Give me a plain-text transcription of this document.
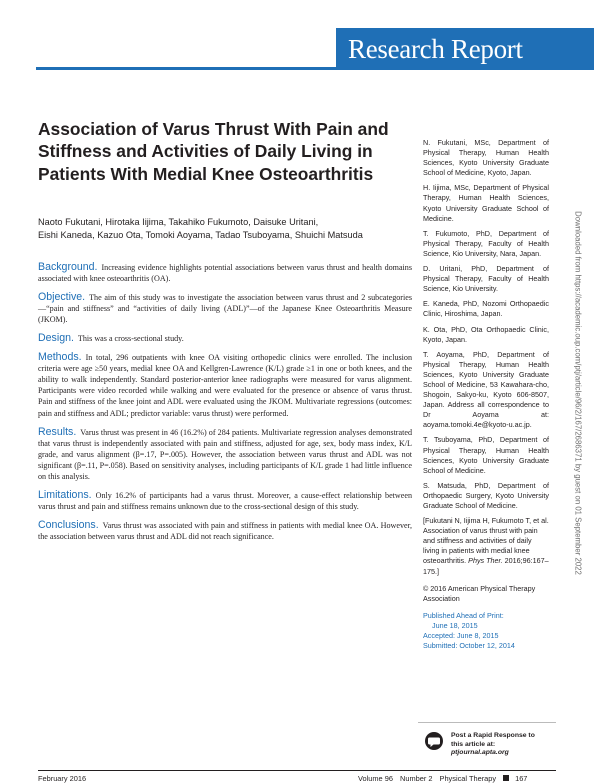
Research Report
Association of Varus Thrust With Pain and Stiffness and Activities of Daily Living in Patients With Medial Knee Osteoarthritis
Naoto Fukutani, Hirotaka Iijima, Takahiko Fukumoto, Daisuke Uritani,
Eishi Kaneda, Kazuo Ota, Tomoki Aoyama, Tadao Tsuboyama, Shuichi Matsuda

Background. Increasing evidence highlights potential associations between varus thrust and health domains associated with knee osteoarthritis (OA).

Objective. The aim of this study was to investigate the association between varus thrust and 2 subcategories—“pain and stiffness” and “activities of daily living (ADL)”—of the Japanese Knee Osteoarthritis Measure (JKOM).

Design. This was a cross-sectional study.

Methods. In total, 296 outpatients with knee OA visiting orthopedic clinics were enrolled. The inclusion criteria were age ≥50 years, medial knee OA and Kellgren-Lawrence (K/L) grade ≥1 in one or both knees, and the ability to walk independently. Standard posterior-anterior knee radiographs were measured for varus alignment. Participants were video recorded while walking and were evaluated for the presence or absence of varus thrust. Pain and stiffness of the knee joint and ADL were evaluated using the JKOM. Multivariate regressions (outcomes: pain and stiffness and ADL; predictor variable: varus thrust) were performed.

Results. Varus thrust was present in 46 (16.2%) of 284 patients. Multivariate regression analyses demonstrated that varus thrust is independently associated with pain and stiffness, adjusted for age, sex, body mass index, K/L grade, and varus alignment (β=.17, P=.005). However, the association between varus thrust and ADL was not significant (β=.11, P=.058). Based on sensitivity analyses, including participants of K/L grade 1 had little influence on this analysis.

Limitations. Only 16.2% of participants had a varus thrust. Moreover, a cause-effect relationship between varus thrust and pain and stiffness remains unknown due to the cross-sectional design of this study.

Conclusions. Varus thrust was associated with pain and stiffness in patients with medial knee OA. However, the association between varus thrust and ADL did not reach significance.

N. Fukutani, MSc, Department of Physical Therapy, Human Health Sciences, Kyoto University Graduate School of Medicine, Kyoto, Japan.

H. Iijima, MSc, Department of Physical Therapy, Human Health Sciences, Kyoto University Graduate School of Medicine.

T. Fukumoto, PhD, Department of Physical Therapy, Faculty of Health Science, Kio University, Nara, Japan.

D. Uritani, PhD, Department of Physical Therapy, Faculty of Health Science, Kio University.

E. Kaneda, PhD, Nozomi Orthopaedic Clinic, Hiroshima, Japan.

K. Ota, PhD, Ota Orthopaedic Clinic, Kyoto, Japan.

T. Aoyama, PhD, Department of Physical Therapy, Human Health Sciences, Kyoto University Graduate School of Medicine, 53 Kawahara-cho, Shogoin, Sakyo-ku, Kyoto 606-8507, Japan. Address all correspondence to Dr Aoyama at: aoyama.tomoki.4e@kyoto-u.ac.jp.

T. Tsuboyama, PhD, Department of Physical Therapy, Human Health Sciences, Kyoto University Graduate School of Medicine.

S. Matsuda, PhD, Department of Orthopaedic Surgery, Kyoto University Graduate School of Medicine.

[Fukutani N, Iijima H, Fukumoto T, et al. Association of varus thrust with pain and stiffness and activities of daily living in patients with medial knee osteoarthritis. Phys Ther. 2016;96:167–175.]

© 2016 American Physical Therapy Association

Published Ahead of Print:
June 18, 2015
Accepted: June 8, 2015
Submitted: October 12, 2014
Post a Rapid Response to
this article at:
ptjournal.apta.org
Downloaded from https://academic.oup.com/ptj/article/96/2/167/2686371 by guest on 01 September 2022
February 2016	Volume 96 Number 2 Physical Therapy	167
